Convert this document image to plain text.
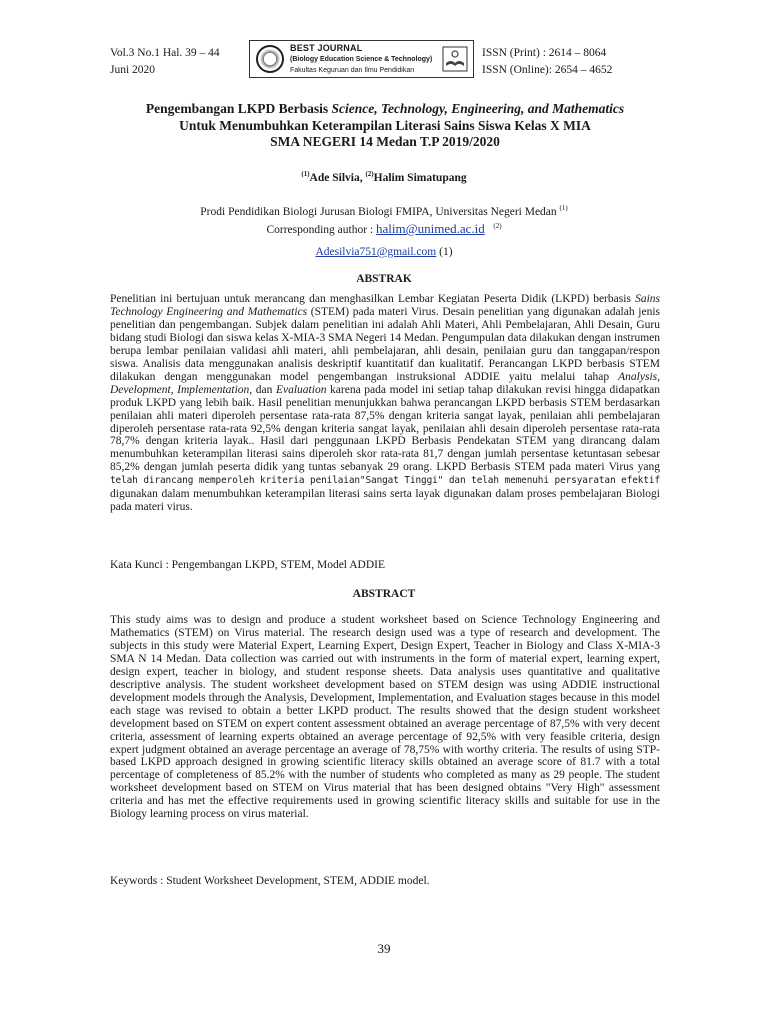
Vol.3 No.1 Hal. 39 – 44
Juni 2020
BEST JOURNAL
(Biology Education Science & Technology)
Fakultas Keguruan dan Ilmu Pendidikan
ISSN (Print) : 2614 – 8064
ISSN (Online): 2654 – 4652
Pengembangan LKPD Berbasis Science, Technology, Engineering, and Mathematics
Untuk Menumbuhkan Keterampilan Literasi Sains Siswa Kelas X MIA
SMA NEGERI 14 Medan T.P 2019/2020
$^{(1)}$Ade Silvia, $^{(2)}$Halim Simatupang
Prodi Pendidikan Biologi Jurusan Biologi FMIPA, Universitas Negeri Medan $^{(1)}$
Corresponding author : halim@unimed.ac.id $^{(2)}$
Adesilvia751@gmail.com (1)
ABSTRAK
Penelitian ini bertujuan untuk merancang dan menghasilkan Lembar Kegiatan Peserta Didik (LKPD) berbasis Sains Technology Engineering and Mathematics (STEM) pada materi Virus. Desain penelitian yang digunakan adalah jenis penelitian dan pengembangan. Subjek dalam penelitian ini adalah Ahli Materi, Ahli Pembelajaran, Ahli Desain, Guru bidang studi Biologi dan siswa kelas X-MIA-3 SMA Negeri 14 Medan. Pengumpulan data dilakukan dengan instrumen berupa lembar penilaian validasi ahli materi, ahli pembelajaran, ahli desain, penilaian guru dan tanggapan/respon siswa. Analisis data menggunakan analisis deskriptif kuantitatif dan kualitatif. Perancangan LKPD berbasis STEM dilakukan dengan menggunakan model pengembangan instruksional ADDIE yaitu melalui tahap Analysis, Development, Implementation, dan Evaluation karena pada model ini setiap tahap dilakukan revisi hingga didapatkan produk LKPD yang lebih baik. Hasil penelitian menunjukkan bahwa perancangan LKPD berbasis STEM berdasarkan penilaian ahli materi diperoleh persentase rata-rata 87,5% dengan kriteria sangat layak, penilaian ahli pembelajaran diperoleh persentase rata-rata 92,5% dengan kriteria sangat layak, penilaian ahli desain diperoleh persentase rata-rata 78,7% dengan kriteria layak.. Hasil dari penggunaan LKPD Berbasis Pendekatan STEM yang dirancang dalam menumbuhkan keterampilan literasi sains diperoleh skor rata-rata 81,7 dengan jumlah persentase ketuntasan sebesar 85,2% dengan jumlah peserta didik yang tuntas sebanyak 29 orang. LKPD Berbasis STEM pada materi Virus yang telah dirancang memperoleh kriteria penilaian"Sangat Tinggi" dan telah memenuhi persyaratan efektif digunakan dalam menumbuhkan keterampilan literasi sains serta layak digunakan dalam proses pembelajaran Biologi pada materi virus.
Kata Kunci : Pengembangan LKPD, STEM, Model ADDIE
ABSTRACT
This study aims was to design and produce a student worksheet based on Science Technology Engineering and Mathematics (STEM) on Virus material. The research design used was a type of research and development. The subjects in this study were Material Expert, Learning Expert, Design Expert, Teacher in Biology and Class X-MIA-3 SMA N 14 Medan. Data collection was carried out with instruments in the form of material expert, learning expert, design expert, teacher in biology, and student response sheets. Data analysis uses quantitative and qualitative descriptive analysis. The student worksheet development based on STEM design was using ADDIE instructional development models through the Analysis, Development, Implementation, and Evaluation stages because in this model each stage was revised to obtain a better LKPD product. The results showed that the design student worksheet development based on STEM on expert content assessment obtained an average percentage of 87,5% with very decent criteria, assessment of learning experts obtained an average percentage of 92,5% with very feasible criteria, design expert judgment obtained an average percentage an average of 78,75% with worthy criteria. The results of using STP-based LKPD approach designed in growing scientific literacy skills obtained an average score of 81.7 with a total percentage of completeness of 85.2% with the number of students who completed as many as 29 people. The student worksheet development based on STEM on Virus material that has been designed obtains "Very High" assessment criteria and has met the effective requirements used in growing scientific literacy skills and suitable for use in the Biology learning process on virus material.
Keywords : Student Worksheet Development, STEM, ADDIE model.
39
